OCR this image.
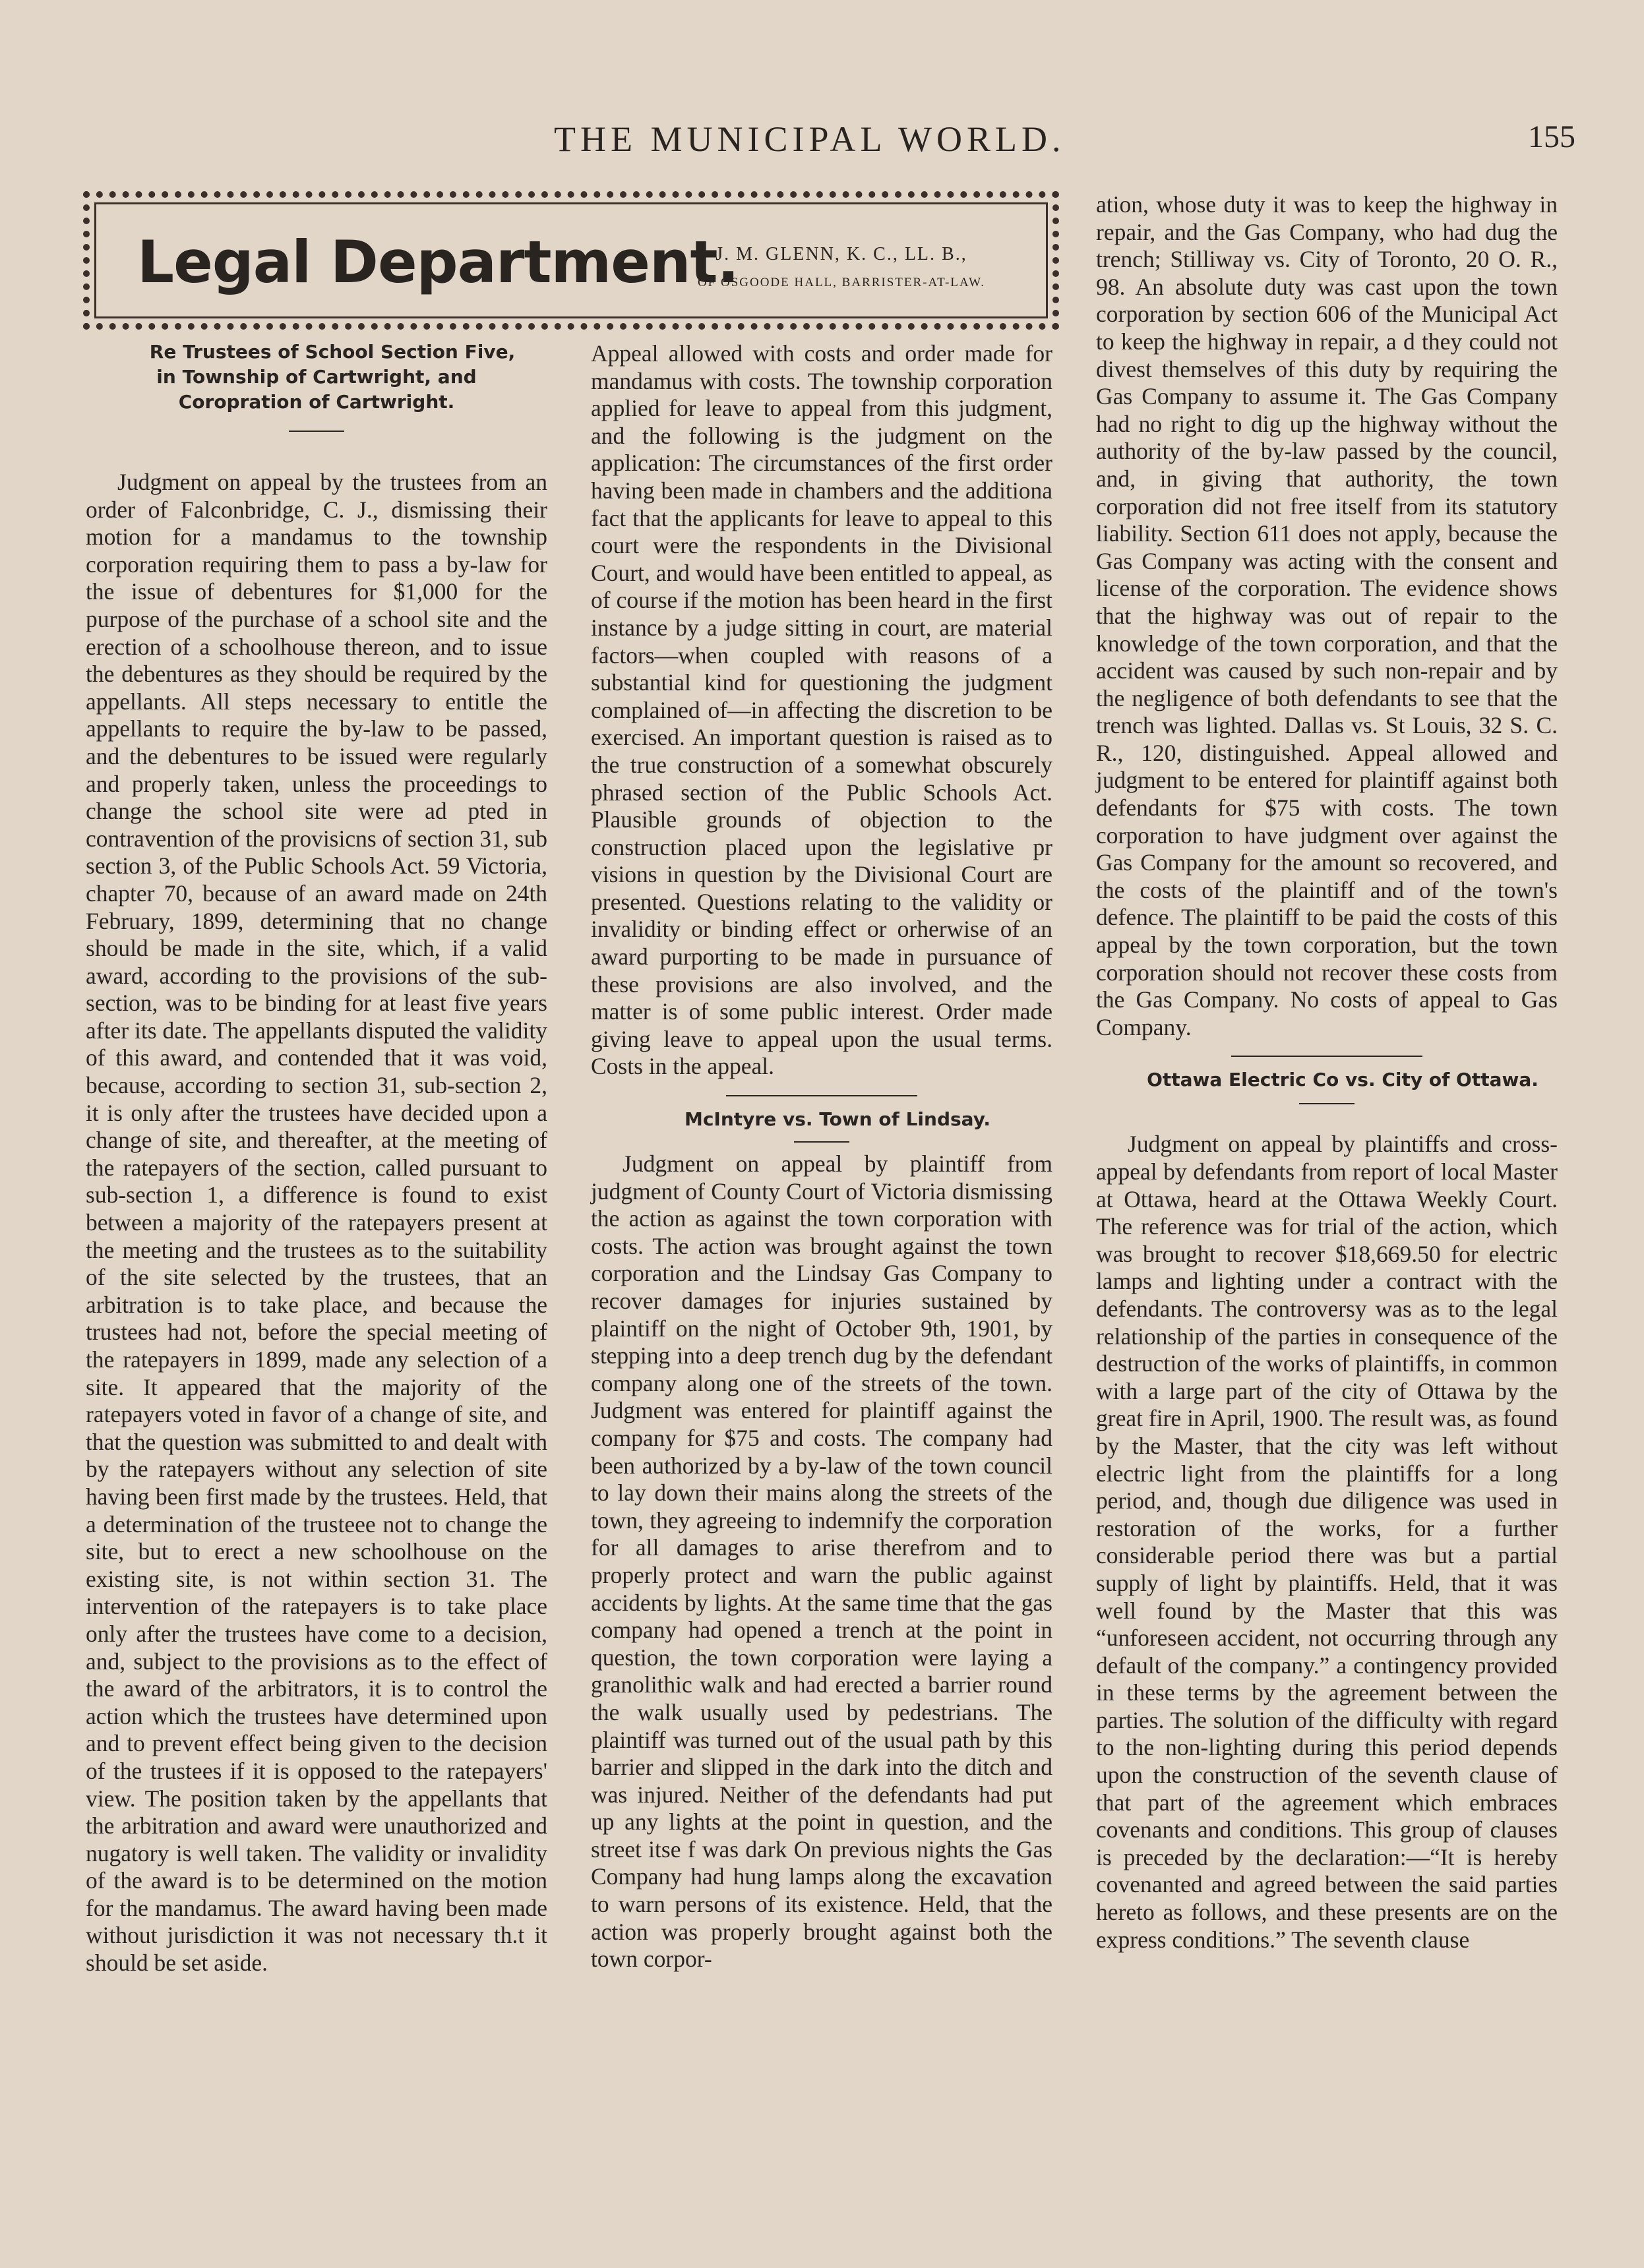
THE MUNICIPAL WORLD.	155
Legal Department.
J. M. GLENN, K. C., LL. B.,
OF OSGOODE HALL, BARRISTER-AT-LAW.

Re Trustees of School Section Five, in Township of Cartwright, and Coropration of Cartwright.

Judgment on appeal by the trustees from an order of Falconbridge, C. J., dismissing their motion for a mandamus to the township corporation requiring them to pass a by-law for the issue of debentures for $1,000 for the purpose of the purchase of a school site and the erection of a schoolhouse thereon, and to issue the debentures as they should be required by the appellants. All steps necessary to entitle the appellants to require the by-law to be passed, and the debentures to be issued were regularly and properly taken, unless the proceedings to change the school site were ad pted in contravention of the provisicns of section 31, sub section 3, of the Public Schools Act. 59 Victoria, chapter 70, because of an award made on 24th February, 1899, determining that no change should be made in the site, which, if a valid award, according to the provisions of the sub-section, was to be binding for at least five years after its date. The appellants disputed the validity of this award, and contended that it was void, because, according to section 31, sub-section 2, it is only after the trustees have decided upon a change of site, and thereafter, at the meeting of the ratepayers of the section, called pursuant to sub-section 1, a difference is found to exist between a majority of the ratepayers present at the meeting and the trustees as to the suitability of the site selected by the trustees, that an arbitration is to take place, and because the trustees had not, before the special meeting of the ratepayers in 1899, made any selection of a site. It appeared that the majority of the ratepayers voted in favor of a change of site, and that the question was submitted to and dealt with by the ratepayers without any selection of site having been first made by the trustees. Held, that a determination of the trusteee not to change the site, but to erect a new schoolhouse on the existing site, is not within section 31. The intervention of the ratepayers is to take place only after the trustees have come to a decision, and, subject to the provisions as to the effect of the award of the arbitrators, it is to control the action which the trustees have determined upon and to prevent effect being given to the decision of the trustees if it is opposed to the ratepayers' view. The position taken by the appellants that the arbitration and award were unauthorized and nugatory is well taken. The validity or invalidity of the award is to be determined on the motion for the mandamus. The award having been made without jurisdiction it was not necessary th.t it should be set aside.

Appeal allowed with costs and order made for mandamus with costs. The township corporation applied for leave to appeal from this judgment, and the following is the judgment on the application: The circumstances of the first order having been made in chambers and the additiona fact that the applicants for leave to appeal to this court were the respondents in the Divisional Court, and would have been entitled to appeal, as of course if the motion has been heard in the first instance by a judge sitting in court, are material factors—when coupled with reasons of a substantial kind for questioning the judgment complained of—in affecting the discretion to be exercised. An important question is raised as to the true construction of a somewhat obscurely phrased section of the Public Schools Act. Plausible grounds of objection to the construction placed upon the legislative pr visions in question by the Divisional Court are presented. Questions relating to the validity or invalidity or binding effect or orherwise of an award purporting to be made in pursuance of these provisions are also involved, and the matter is of some public interest. Order made giving leave to appeal upon the usual terms. Costs in the appeal.

McIntyre vs. Town of Lindsay.

Judgment on appeal by plaintiff from judgment of County Court of Victoria dismissing the action as against the town corporation with costs. The action was brought against the town corporation and the Lindsay Gas Company to recover damages for injuries sustained by plaintiff on the night of October 9th, 1901, by stepping into a deep trench dug by the defendant company along one of the streets of the town. Judgment was entered for plaintiff against the company for $75 and costs. The company had been authorized by a by-law of the town council to lay down their mains along the streets of the town, they agreeing to indemnify the corporation for all damages to arise therefrom and to properly protect and warn the public against accidents by lights. At the same time that the gas company had opened a trench at the point in question, the town corporation were laying a granolithic walk and had erected a barrier round the walk usually used by pedestrians. The plaintiff was turned out of the usual path by this barrier and slipped in the dark into the ditch and was injured. Neither of the defendants had put up any lights at the point in question, and the street itse f was dark On previous nights the Gas Company had hung lamps along the excavation to warn persons of its existence. Held, that the action was properly brought against both the town corpor-

ation, whose duty it was to keep the highway in repair, and the Gas Company, who had dug the trench; Stilliway vs. City of Toronto, 20 O. R., 98. An absolute duty was cast upon the town corporation by section 606 of the Municipal Act to keep the highway in repair, a d they could not divest themselves of this duty by requiring the Gas Company to assume it. The Gas Company had no right to dig up the highway without the authority of the by-law passed by the council, and, in giving that authority, the town corporation did not free itself from its statutory liability. Section 611 does not apply, because the Gas Company was acting with the consent and license of the corporation. The evidence shows that the highway was out of repair to the knowledge of the town corporation, and that the accident was caused by such non-repair and by the negligence of both defendants to see that the trench was lighted. Dallas vs. St Louis, 32 S. C. R., 120, distinguished. Appeal allowed and judgment to be entered for plaintiff against both defendants for $75 with costs. The town corporation to have judgment over against the Gas Company for the amount so recovered, and the costs of the plaintiff and of the town's defence. The plaintiff to be paid the costs of this appeal by the town corporation, but the town corporation should not recover these costs from the Gas Company. No costs of appeal to Gas Company.

Ottawa Electric Co vs. City of Ottawa.

Judgment on appeal by plaintiffs and cross-appeal by defendants from report of local Master at Ottawa, heard at the Ottawa Weekly Court. The reference was for trial of the action, which was brought to recover $18,669.50 for electric lamps and lighting under a contract with the defendants. The controversy was as to the legal relationship of the parties in consequence of the destruction of the works of plaintiffs, in common with a large part of the city of Ottawa by the great fire in April, 1900. The result was, as found by the Master, that the city was left without electric light from the plaintiffs for a long period, and, though due diligence was used in restoration of the works, for a further considerable period there was but a partial supply of light by plaintiffs. Held, that it was well found by the Master that this was “unforeseen accident, not occurring through any default of the company.” a contingency provided in these terms by the agreement between the parties. The solution of the difficulty with regard to the non-lighting during this period depends upon the construction of the seventh clause of that part of the agreement which embraces covenants and conditions. This group of clauses is preceded by the declaration:—“It is hereby covenanted and agreed between the said parties hereto as follows, and these presents are on the express conditions.” The seventh clause
